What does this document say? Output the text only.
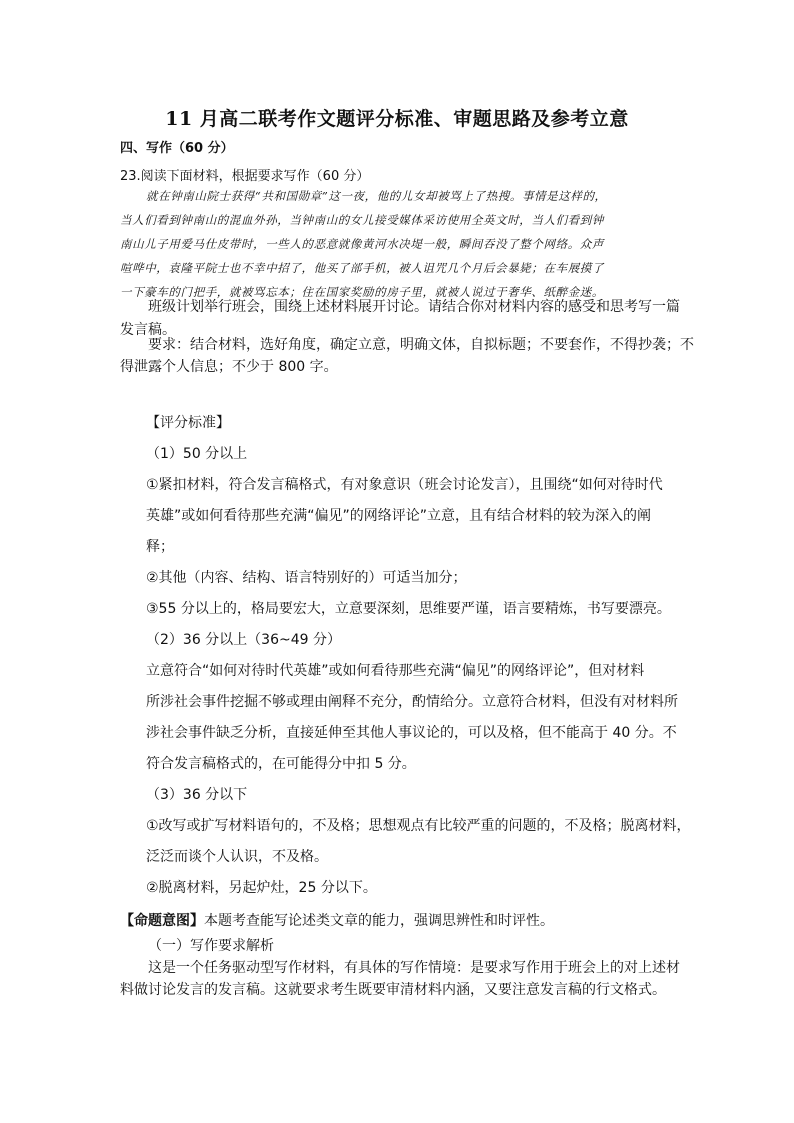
11 月高二联考作文题评分标准、审题思路及参考立意
四、写作（60 分）
23.阅读下面材料，根据要求写作（60 分）
就在钟南山院士获得“共和国勋章”这一夜，他的儿女却被骂上了热搜。事情是这样的，
当人们看到钟南山的混血外孙，当钟南山的女儿接受媒体采访使用全英文时，当人们看到钟
南山儿子用爱马仕皮带时，一些人的恶意就像黄河水决堤一般，瞬间吞没了整个网络。众声
喧哗中，袁隆平院士也不幸中招了，他买了部手机，被人诅咒几个月后会暴毙；在车展摸了
一下豪车的门把手，就被骂忘本；住在国家奖励的房子里，就被人说过于奢华、纸醉金迷。
班级计划举行班会，围绕上述材料展开讨论。请结合你对材料内容的感受和思考写一篇
发言稿。
要求：结合材料，选好角度，确定立意，明确文体，自拟标题；不要套作，不得抄袭；不
得泄露个人信息；不少于 800 字。
【评分标准】
（1）50 分以上
①紧扣材料，符合发言稿格式，有对象意识（班会讨论发言），且围绕“如何对待时代
英雄”或如何看待那些充满“偏见”的网络评论”立意，且有结合材料的较为深入的阐
释；
②其他（内容、结构、语言特别好的）可适当加分；
③55 分以上的，格局要宏大，立意要深刻，思维要严谨，语言要精炼，书写要漂亮。
（2）36 分以上（36~49 分）
立意符合“如何对待时代英雄”或如何看待那些充满“偏见”的网络评论”，但对材料
所涉社会事件挖掘不够或理由阐释不充分，酌情给分。立意符合材料，但没有对材料所
涉社会事件缺乏分析，直接延伸至其他人事议论的，可以及格，但不能高于 40 分。不
符合发言稿格式的，在可能得分中扣 5 分。
（3）36 分以下
①改写或扩写材料语句的，不及格；思想观点有比较严重的问题的，不及格；脱离材料，
泛泛而谈个人认识，不及格。
②脱离材料，另起炉灶，25 分以下。
【命题意图】本题考查能写论述类文章的能力，强调思辨性和时评性。
（一）写作要求解析
这是一个任务驱动型写作材料，有具体的写作情境：是要求写作用于班会上的对上述材
料做讨论发言的发言稿。这就要求考生既要审清材料内涵，又要注意发言稿的行文格式。
